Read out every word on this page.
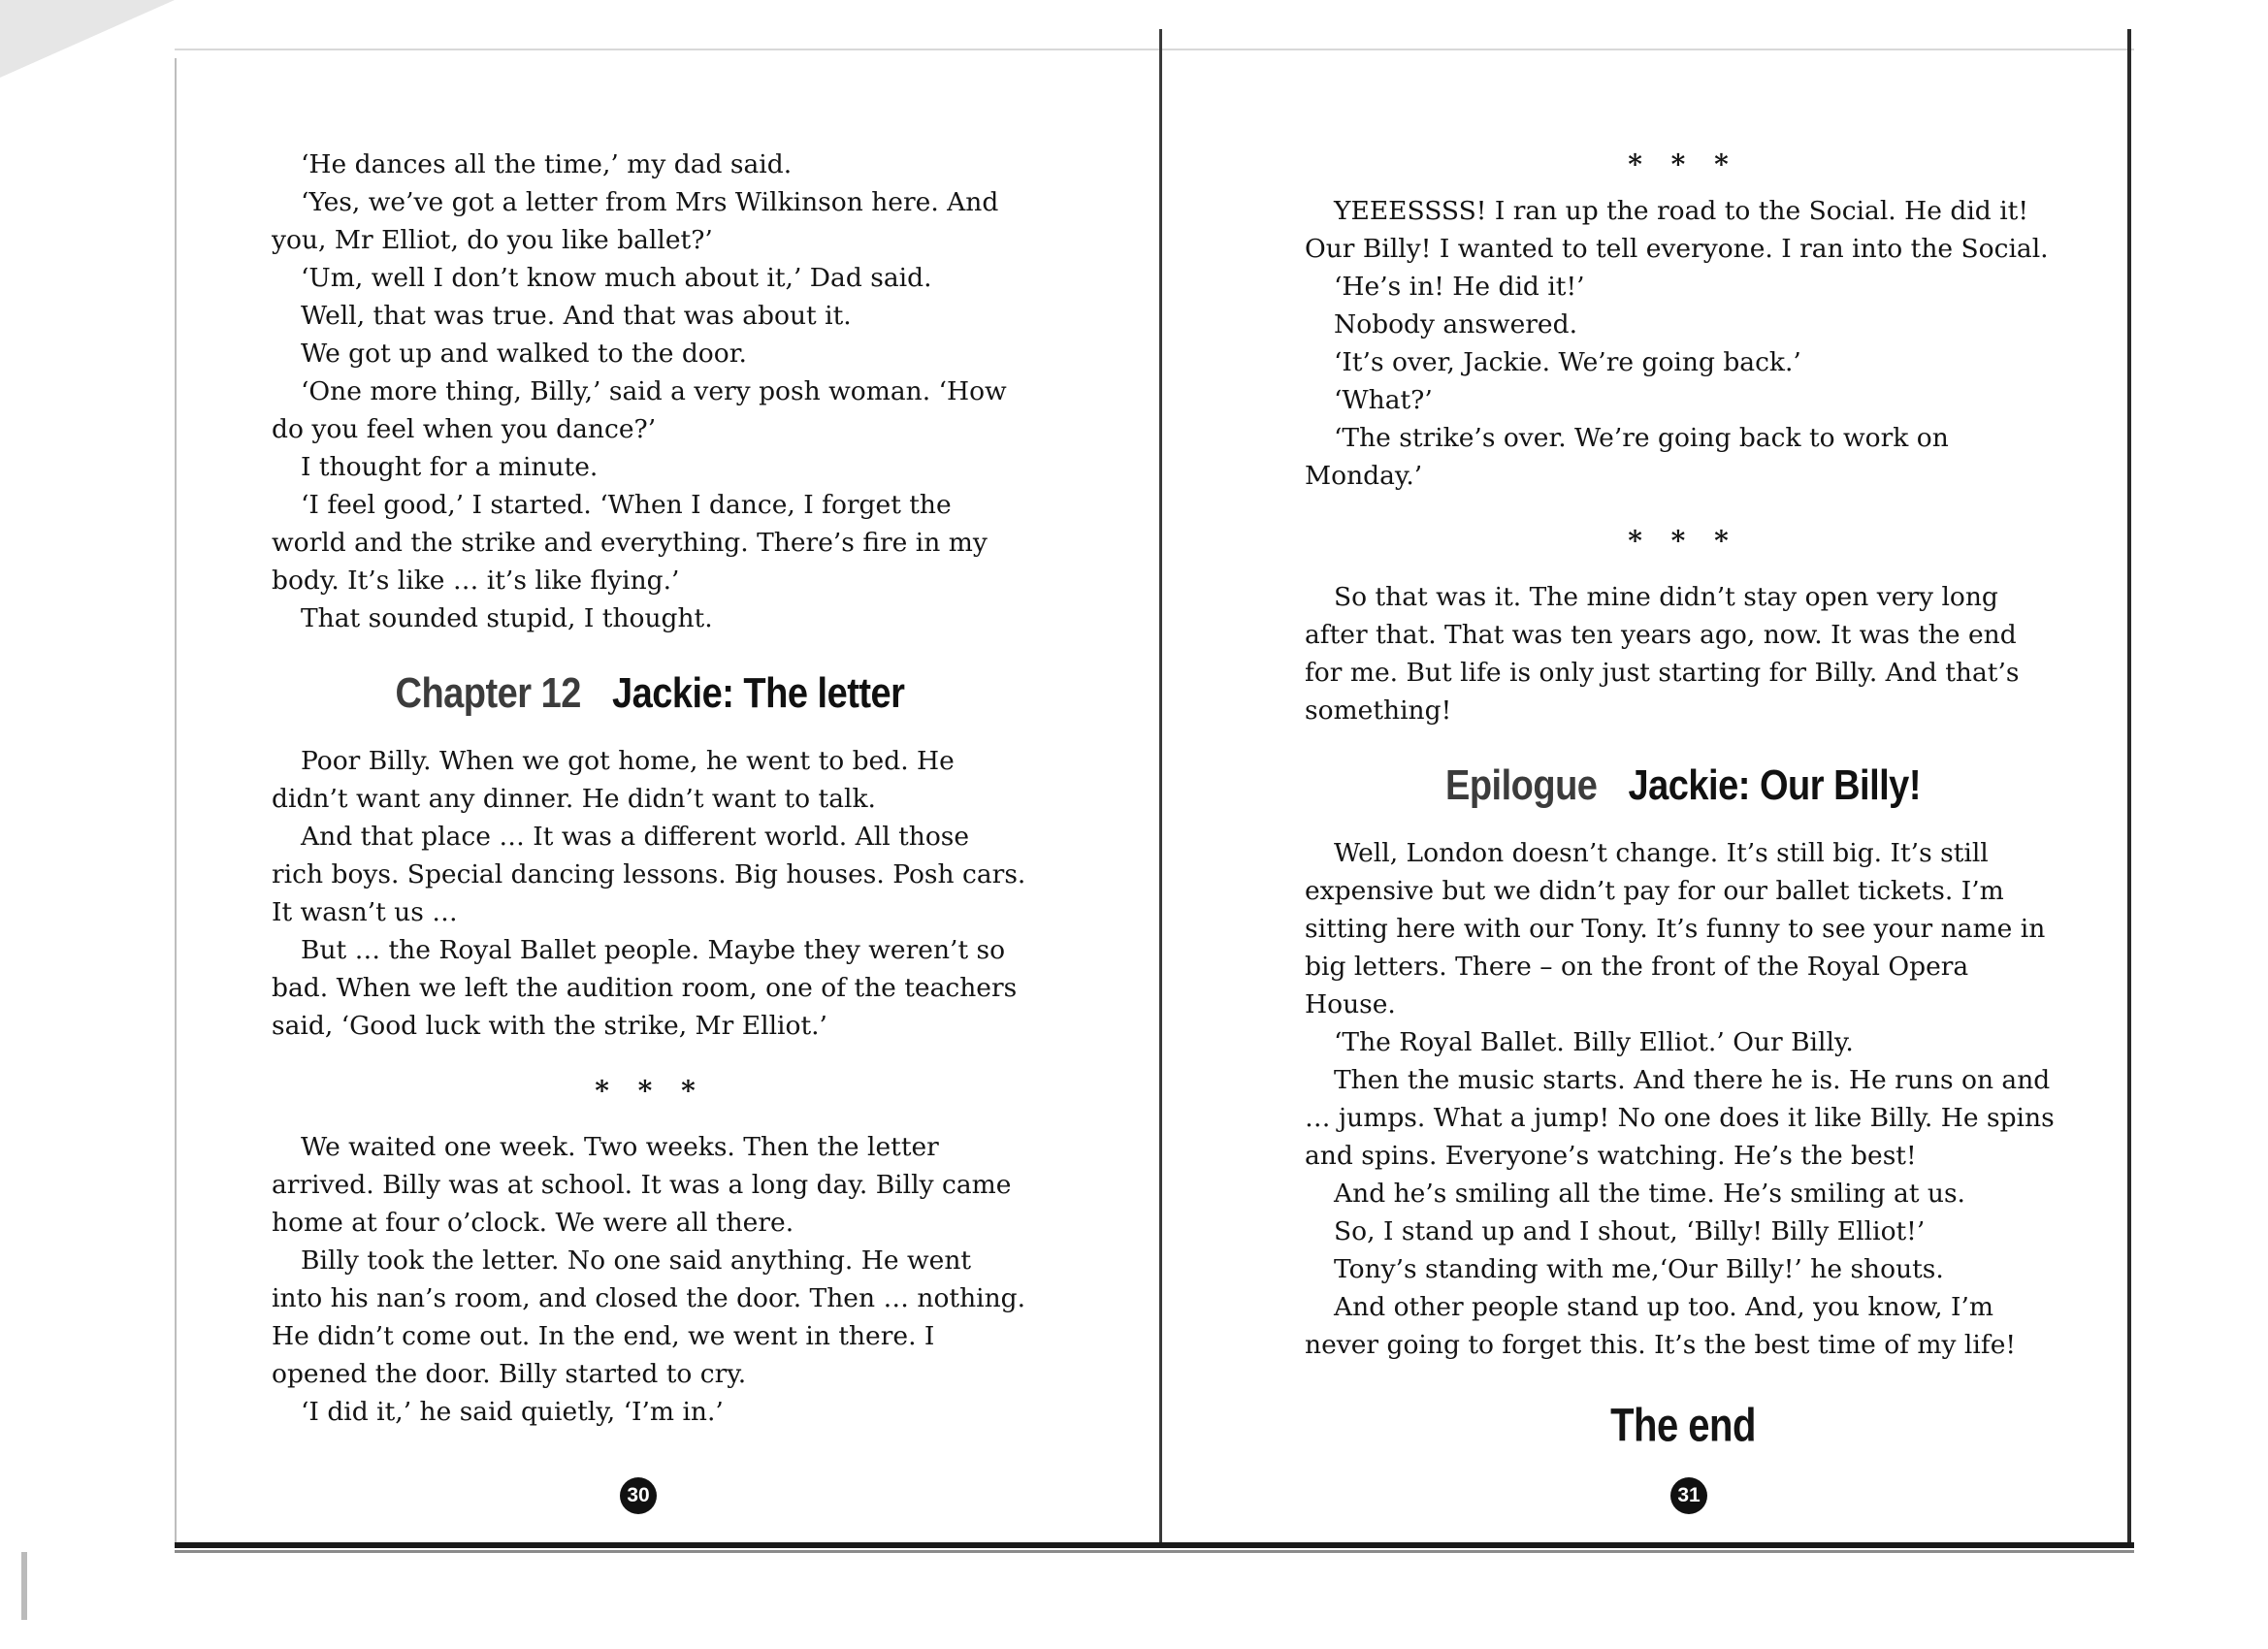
‘He dances all the time,’ my dad said.

‘Yes, we’ve got a letter from Mrs Wilkinson here. And you, Mr Elliot, do you like ballet?’

‘Um, well I don’t know much about it,’ Dad said.

Well, that was true. And that was about it.

We got up and walked to the door.

‘One more thing, Billy,’ said a very posh woman. ‘How do you feel when you dance?’

I thought for a minute.

‘I feel good,’ I started. ‘When I dance, I forget the world and the strike and everything. There’s fire in my body. It’s like … it’s like flying.’

That sounded stupid, I thought.

Chapter 12 Jackie: The letter

Poor Billy. When we got home, he went to bed. He didn’t want any dinner. He didn’t want to talk.

And that place … It was a different world. All those rich boys. Special dancing lessons. Big houses. Posh cars. It wasn’t us …

But … the Royal Ballet people. Maybe they weren’t so bad. When we left the audition room, one of the teachers said, ‘Good luck with the strike, Mr Elliot.’

* * *

We waited one week. Two weeks. Then the letter arrived. Billy was at school. It was a long day. Billy came home at four o’clock. We were all there.

Billy took the letter. No one said anything. He went into his nan’s room, and closed the door. Then … nothing. He didn’t come out. In the end, we went in there. I opened the door. Billy started to cry.

‘I did it,’ he said quietly, ‘I’m in.’

30
* * *

YEEESSSS! I ran up the road to the Social. He did it! Our Billy! I wanted to tell everyone. I ran into the Social.

‘He’s in! He did it!’

Nobody answered.

‘It’s over, Jackie. We’re going back.’

‘What?’

‘The strike’s over. We’re going back to work on Monday.’

* * *

So that was it. The mine didn’t stay open very long after that. That was ten years ago, now. It was the end for me. But life is only just starting for Billy. And that’s something!

Epilogue Jackie: Our Billy!

Well, London doesn’t change. It’s still big. It’s still expensive but we didn’t pay for our ballet tickets. I’m sitting here with our Tony. It’s funny to see your name in big letters. There – on the front of the Royal Opera House.

‘The Royal Ballet. Billy Elliot.’ Our Billy.

Then the music starts. And there he is. He runs on and … jumps. What a jump! No one does it like Billy. He spins and spins. Everyone’s watching. He’s the best!

And he’s smiling all the time. He’s smiling at us.

So, I stand up and I shout, ‘Billy! Billy Elliot!’

Tony’s standing with me,‘Our Billy!’ he shouts.

And other people stand up too. And, you know, I’m never going to forget this. It’s the best time of my life!

The end
31
